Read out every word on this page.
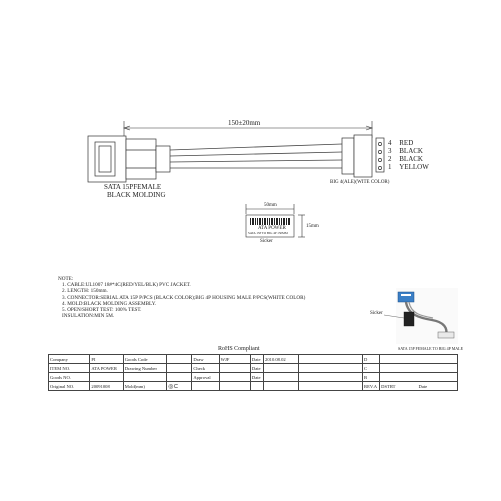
150±20mm
SATA 15PFEMALE
BLACK MOLDING
4 RED
3 BLACK
2 BLACK
1 YELLOW
BIG 4(ALE)(WITE COLOR)
50mm
15mm
ATA POWER
SATA 15P TO BIG 4P 150MM
Sicker
NOTE:
1. CABLE:UL1007 18#*4C(RED/YEL/BLK) PVC JACKET.
2. LENGTH: 150mm.
3. CONNECTOR:SERIAL ATA 15P P/PCS (BLACK COLOR);BIG 4P HOUSING MALE P/PCS(WHITE COLOR)
4. MOLD:BLACK MOLDING ASSEMBLY.
5. OPEN/SHORT TEST: 100% TEST.
INSULATION:MIN 5M.	Sicker
SATA 15P FEMALE TO BIG 4P MALE
RoHS Compliant
Company	PI	Goods Code		Draw	WJF	Date	2010.08.02		D	
ITEM NO.	ATA POWER	Drawing Number		Check		Date			C	
Goods NO.				Approval		Date			B	
Original NO.	20091008	Mold(mm)	◎⊂						REV.A	DSTRT Date
